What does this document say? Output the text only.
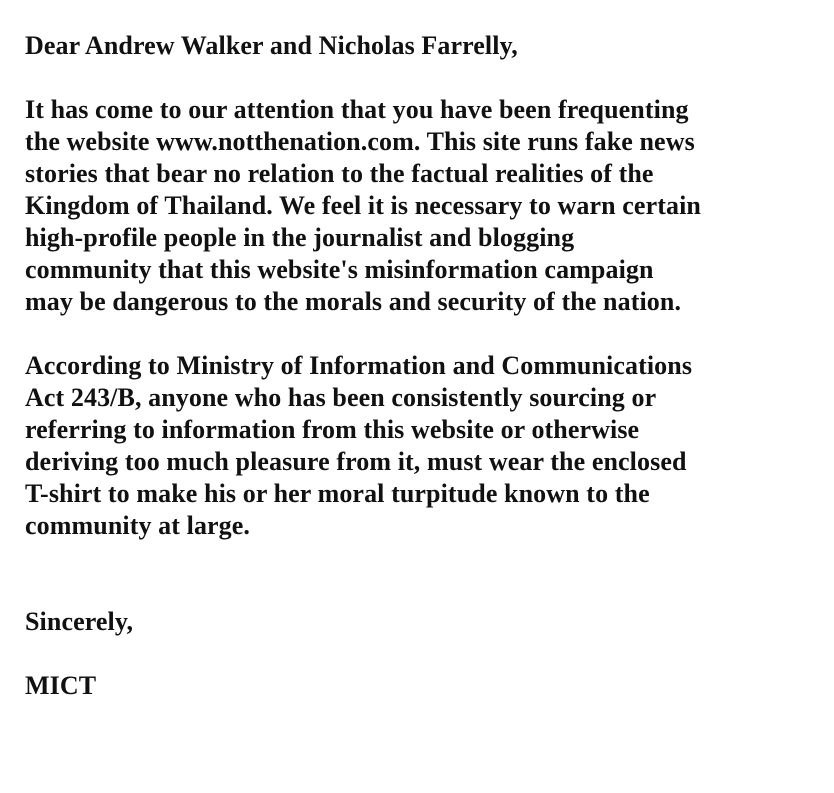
Dear Andrew Walker and Nicholas Farrelly,
It has come to our attention that you have been frequenting
the website www.notthenation.com. This site runs fake news
stories that bear no relation to the factual realities of the
Kingdom of Thailand. We feel it is necessary to warn certain
high-profile people in the journalist and blogging
community that this website's misinformation campaign
may be dangerous to the morals and security of the nation.
According to Ministry of Information and Communications
Act 243/B, anyone who has been consistently sourcing or
referring to information from this website or otherwise
deriving too much pleasure from it, must wear the enclosed
T-shirt to make his or her moral turpitude known to the
community at large.
Sincerely,
MICT
